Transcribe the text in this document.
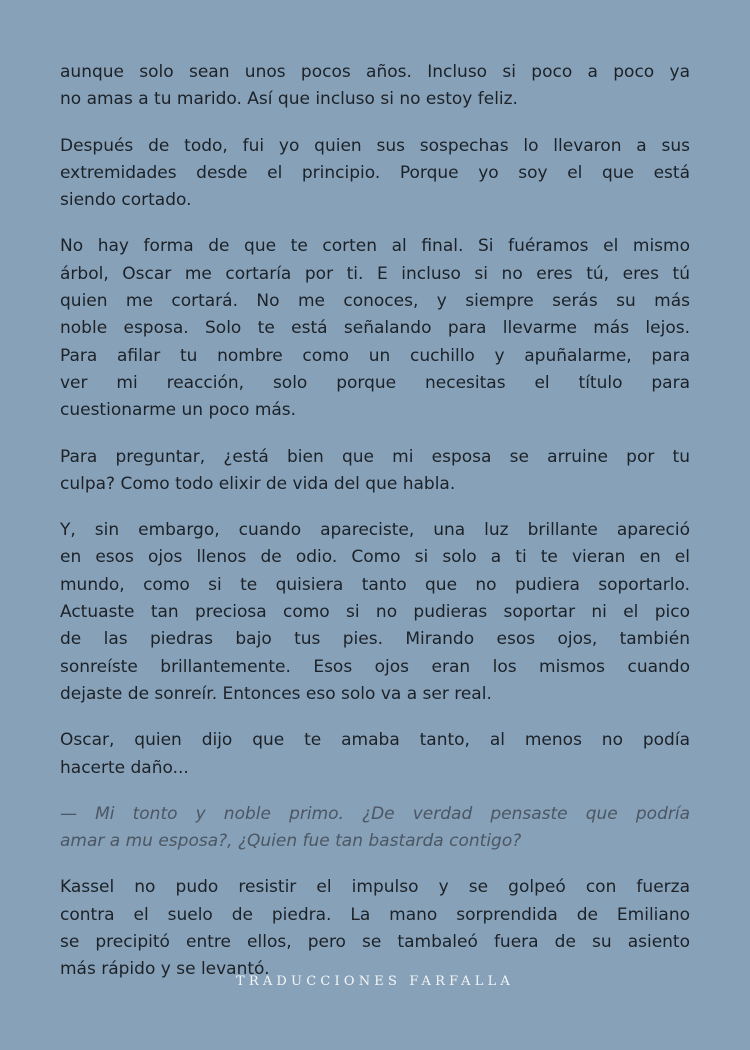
aunque solo sean unos pocos años. Incluso si poco a poco ya
no amas a tu marido. Así que incluso si no estoy feliz.
Después de todo, fui yo quien sus sospechas lo llevaron a sus
extremidades desde el principio. Porque yo soy el que está
siendo cortado.
No hay forma de que te corten al final. Si fuéramos el mismo
árbol, Oscar me cortaría por ti. E incluso si no eres tú, eres tú
quien me cortará. No me conoces, y siempre serás su más
noble esposa. Solo te está señalando para llevarme más lejos.
Para afilar tu nombre como un cuchillo y apuñalarme, para
ver mi reacción, solo porque necesitas el título para
cuestionarme un poco más.
Para preguntar, ¿está bien que mi esposa se arruine por tu
culpa? Como todo elixir de vida del que habla.
Y, sin embargo, cuando apareciste, una luz brillante apareció
en esos ojos llenos de odio. Como si solo a ti te vieran en el
mundo, como si te quisiera tanto que no pudiera soportarlo.
Actuaste tan preciosa como si no pudieras soportar ni el pico
de las piedras bajo tus pies. Mirando esos ojos, también
sonreíste brillantemente. Esos ojos eran los mismos cuando
dejaste de sonreír. Entonces eso solo va a ser real.
Oscar, quien dijo que te amaba tanto, al menos no podía
hacerte daño...
— Mi tonto y noble primo. ¿De verdad pensaste que podría
amar a mu esposa?, ¿Quien fue tan bastarda contigo?
Kassel no pudo resistir el impulso y se golpeó con fuerza
contra el suelo de piedra. La mano sorprendida de Emiliano
se precipitó entre ellos, pero se tambaleó fuera de su asiento
más rápido y se levantó.
TRADUCCIONES FARFALLA
